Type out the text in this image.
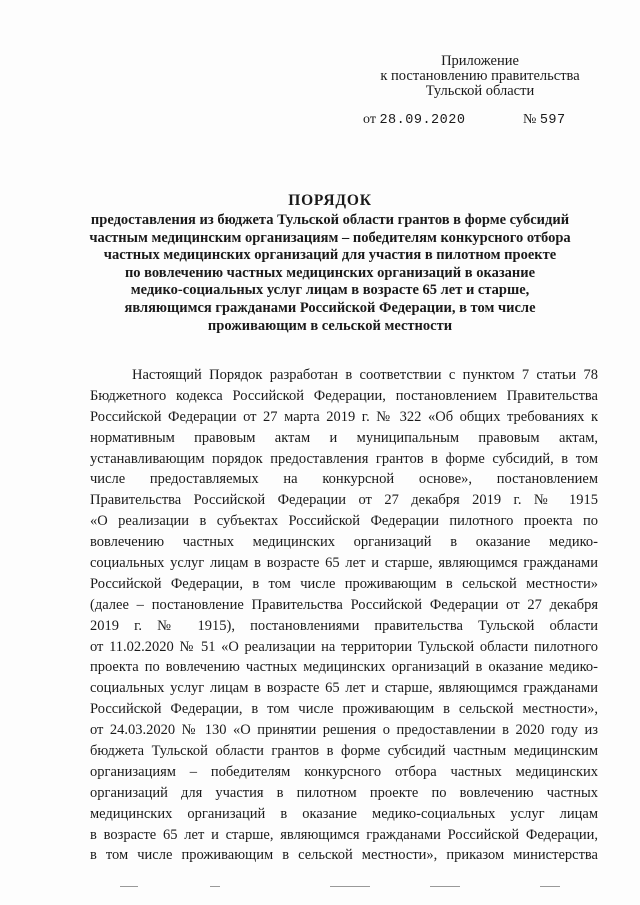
Приложение
к постановлению правительства
Тульской области
от 28.09.2020	№ 597
ПОРЯДОК
предоставления из бюджета Тульской области грантов в форме субсидий
частным медицинским организациям – победителям конкурсного отбора
частных медицинских организаций для участия в пилотном проекте
по вовлечению частных медицинских организаций в оказание
медико-социальных услуг лицам в возрасте 65 лет и старше,
являющимся гражданами Российской Федерации, в том числе
проживающим в сельской местности
Настоящий Порядок разработан в соответствии с пунктом 7 статьи 78
Бюджетного кодекса Российской Федерации, постановлением Правительства
Российской Федерации от 27 марта 2019 г. № 322 «Об общих требованиях к
нормативным правовым актам и муниципальным правовым актам,
устанавливающим порядок предоставления грантов в форме субсидий, в том
числе предоставляемых на конкурсной основе», постановлением
Правительства Российской Федерации от 27 декабря 2019 г. № 1915
«О реализации в субъектах Российской Федерации пилотного проекта по
вовлечению частных медицинских организаций в оказание медико-
социальных услуг лицам в возрасте 65 лет и старше, являющимся гражданами
Российской Федерации, в том числе проживающим в сельской местности»
(далее – постановление Правительства Российской Федерации от 27 декабря
2019 г. № 1915), постановлениями правительства Тульской области
от 11.02.2020 № 51 «О реализации на территории Тульской области пилотного
проекта по вовлечению частных медицинских организаций в оказание медико-
социальных услуг лицам в возрасте 65 лет и старше, являющимся гражданами
Российской Федерации, в том числе проживающим в сельской местности»,
от 24.03.2020 № 130 «О принятии решения о предоставлении в 2020 году из
бюджета Тульской области грантов в форме субсидий частным медицинским
организациям – победителям конкурсного отбора частных медицинских
организаций для участия в пилотном проекте по вовлечению частных
медицинских организаций в оказание медико-социальных услуг лицам
в возрасте 65 лет и старше, являющимся гражданами Российской Федерации,
в том числе проживающим в сельской местности», приказом министерства
